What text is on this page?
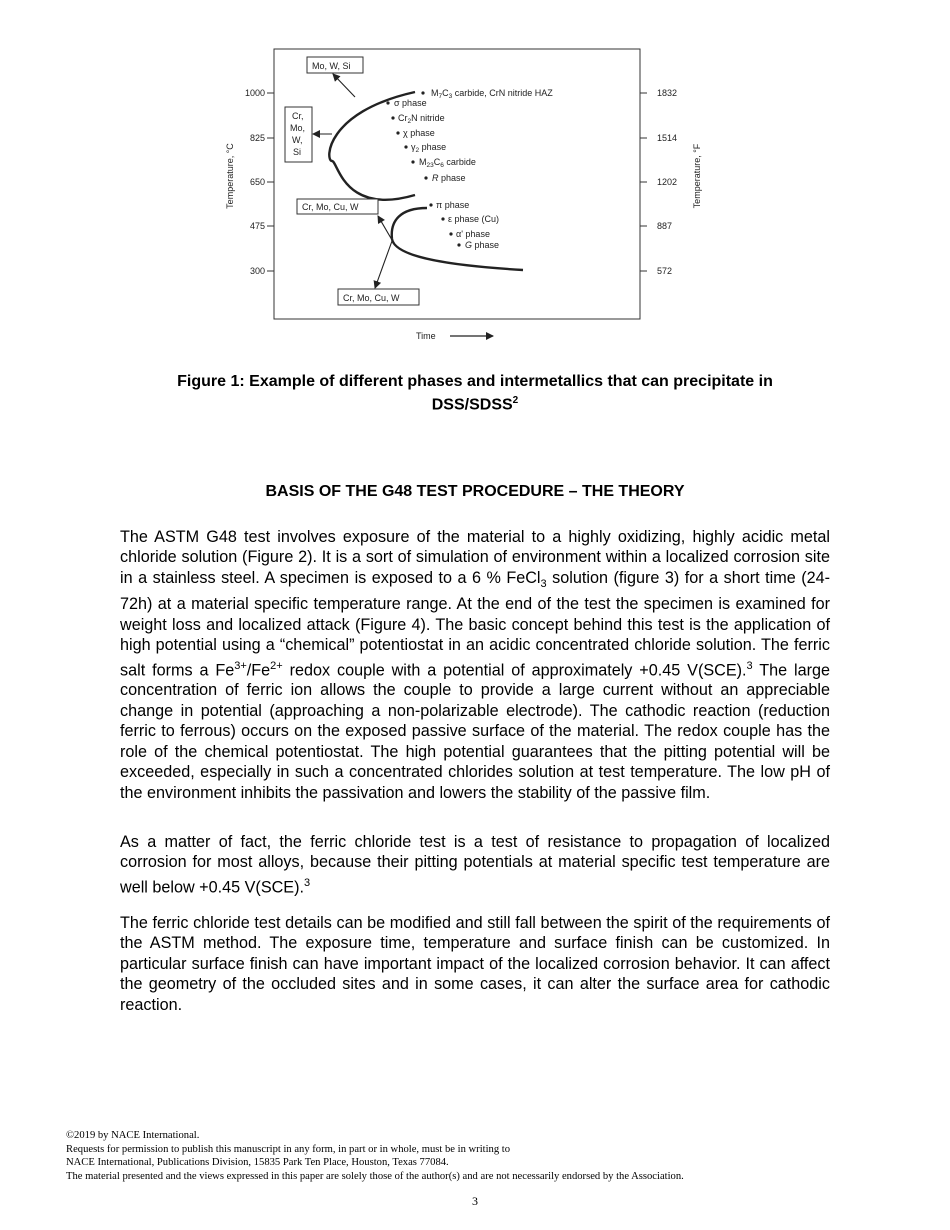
1000
825
650
475
300
Temperature, °C
1832
1514
1202
887
572
Temperature, °F
Time
Mo, W, Si
Cr,
Mo,
W,
Si
Cr, Mo, Cu, W
Cr, Mo, Cu, W
$M_7C_3$ carbide, CrN nitride HAZ
σ phase
$Cr_2N$ nitride
χ phase
$\gamma_2$ phase
$M_{23}C_6$ carbide
R phase
π phase
ε phase (Cu)
α' phase
G phase
Figure 1: Example of different phases and intermetallics that can precipitate in
DSS/SDSS$^2$
BASIS OF THE G48 TEST PROCEDURE – THE THEORY
The ASTM G48 test involves exposure of the material to a highly oxidizing, highly acidic metal chloride solution (Figure 2). It is a sort of simulation of environment within a localized corrosion site in a stainless steel. A specimen is exposed to a 6 % FeCl$_3$ solution (figure 3) for a short time (24-72h) at a material specific temperature range. At the end of the test the specimen is examined for weight loss and localized attack (Figure 4). The basic concept behind this test is the application of high potential using a “chemical” potentiostat in an acidic concentrated chloride solution. The ferric salt forms a $Fe^{3+}/Fe^{2+}$ redox couple with a potential of approximately +0.45 V(SCE).$^3$ The large concentration of ferric ion allows the couple to provide a large current without an appreciable change in potential (approaching a non-polarizable electrode). The cathodic reaction (reduction ferric to ferrous) occurs on the exposed passive surface of the material. The redox couple has the role of the chemical potentiostat. The high potential guarantees that the pitting potential will be exceeded, especially in such a concentrated chlorides solution at test temperature. The low pH of the environment inhibits the passivation and lowers the stability of the passive film.
As a matter of fact, the ferric chloride test is a test of resistance to propagation of localized corrosion for most alloys, because their pitting potentials at material specific test temperature are well below +0.45 V(SCE).$^3$
The ferric chloride test details can be modified and still fall between the spirit of the requirements of the ASTM method. The exposure time, temperature and surface finish can be customized. In particular surface finish can have important impact of the localized corrosion behavior. It can affect the geometry of the occluded sites and in some cases, it can alter the surface area for cathodic reaction.
©2019 by NACE International.
Requests for permission to publish this manuscript in any form, in part or in whole, must be in writing to
NACE International, Publications Division, 15835 Park Ten Place, Houston, Texas 77084.
The material presented and the views expressed in this paper are solely those of the author(s) and are not necessarily endorsed by the Association.
3
